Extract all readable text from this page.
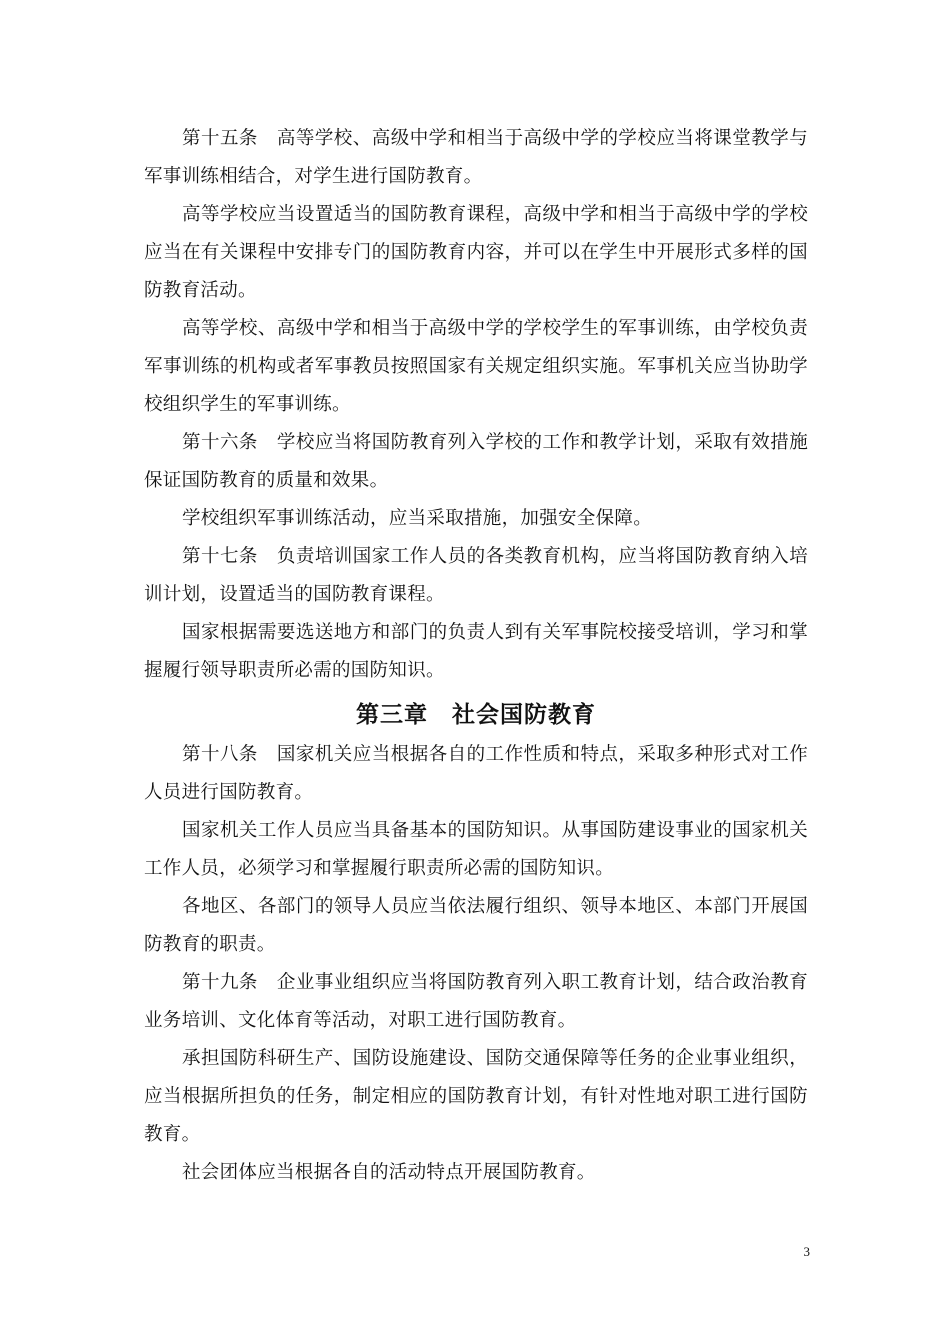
第十五条　高等学校、高级中学和相当于高级中学的学校应当将课堂教学与军事训练相结合，对学生进行国防教育。

高等学校应当设置适当的国防教育课程，高级中学和相当于高级中学的学校应当在有关课程中安排专门的国防教育内容，并可以在学生中开展形式多样的国防教育活动。

高等学校、高级中学和相当于高级中学的学校学生的军事训练，由学校负责军事训练的机构或者军事教员按照国家有关规定组织实施。军事机关应当协助学校组织学生的军事训练。

第十六条　学校应当将国防教育列入学校的工作和教学计划，采取有效措施保证国防教育的质量和效果。

学校组织军事训练活动，应当采取措施，加强安全保障。

第十七条　负责培训国家工作人员的各类教育机构，应当将国防教育纳入培训计划，设置适当的国防教育课程。

国家根据需要选送地方和部门的负责人到有关军事院校接受培训，学习和掌握履行领导职责所必需的国防知识。

第三章　社会国防教育

第十八条　国家机关应当根据各自的工作性质和特点，采取多种形式对工作人员进行国防教育。

国家机关工作人员应当具备基本的国防知识。从事国防建设事业的国家机关工作人员，必须学习和掌握履行职责所必需的国防知识。

各地区、各部门的领导人员应当依法履行组织、领导本地区、本部门开展国防教育的职责。

第十九条　企业事业组织应当将国防教育列入职工教育计划，结合政治教育业务培训、文化体育等活动，对职工进行国防教育。

承担国防科研生产、国防设施建设、国防交通保障等任务的企业事业组织，应当根据所担负的任务，制定相应的国防教育计划，有针对性地对职工进行国防教育。

社会团体应当根据各自的活动特点开展国防教育。

3
